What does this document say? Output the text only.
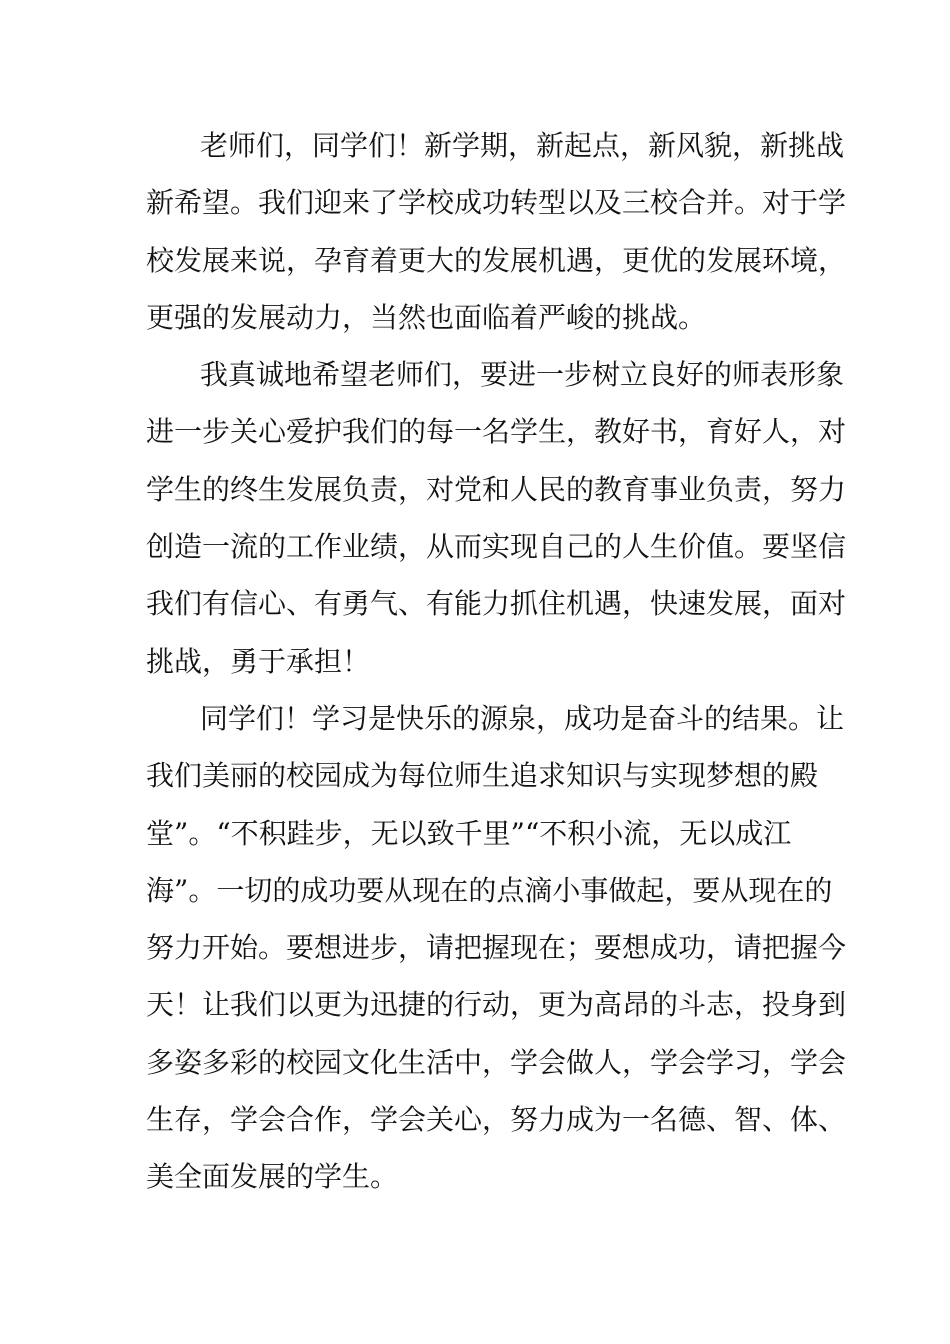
老师们，同学们！新学期，新起点，新风貌，新挑战
新希望。我们迎来了学校成功转型以及三校合并。对于学
校发展来说，孕育着更大的发展机遇，更优的发展环境，
更强的发展动力，当然也面临着严峻的挑战。
我真诚地希望老师们，要进一步树立良好的师表形象
进一步关心爱护我们的每一名学生，教好书，育好人，对
学生的终生发展负责，对党和人民的教育事业负责，努力
创造一流的工作业绩，从而实现自己的人生价值。要坚信
我们有信心、有勇气、有能力抓住机遇，快速发展，面对
挑战，勇于承担！
同学们！学习是快乐的源泉，成功是奋斗的结果。让
我们美丽的校园成为每位师生追求知识与实现梦想的殿
堂”。“不积跬步，无以致千里”“不积小流，无以成江
海”。一切的成功要从现在的点滴小事做起，要从现在的
努力开始。要想进步，请把握现在；要想成功，请把握今
天！让我们以更为迅捷的行动，更为高昂的斗志，投身到
多姿多彩的校园文化生活中，学会做人，学会学习，学会
生存，学会合作，学会关心，努力成为一名德、智、体、
美全面发展的学生。
